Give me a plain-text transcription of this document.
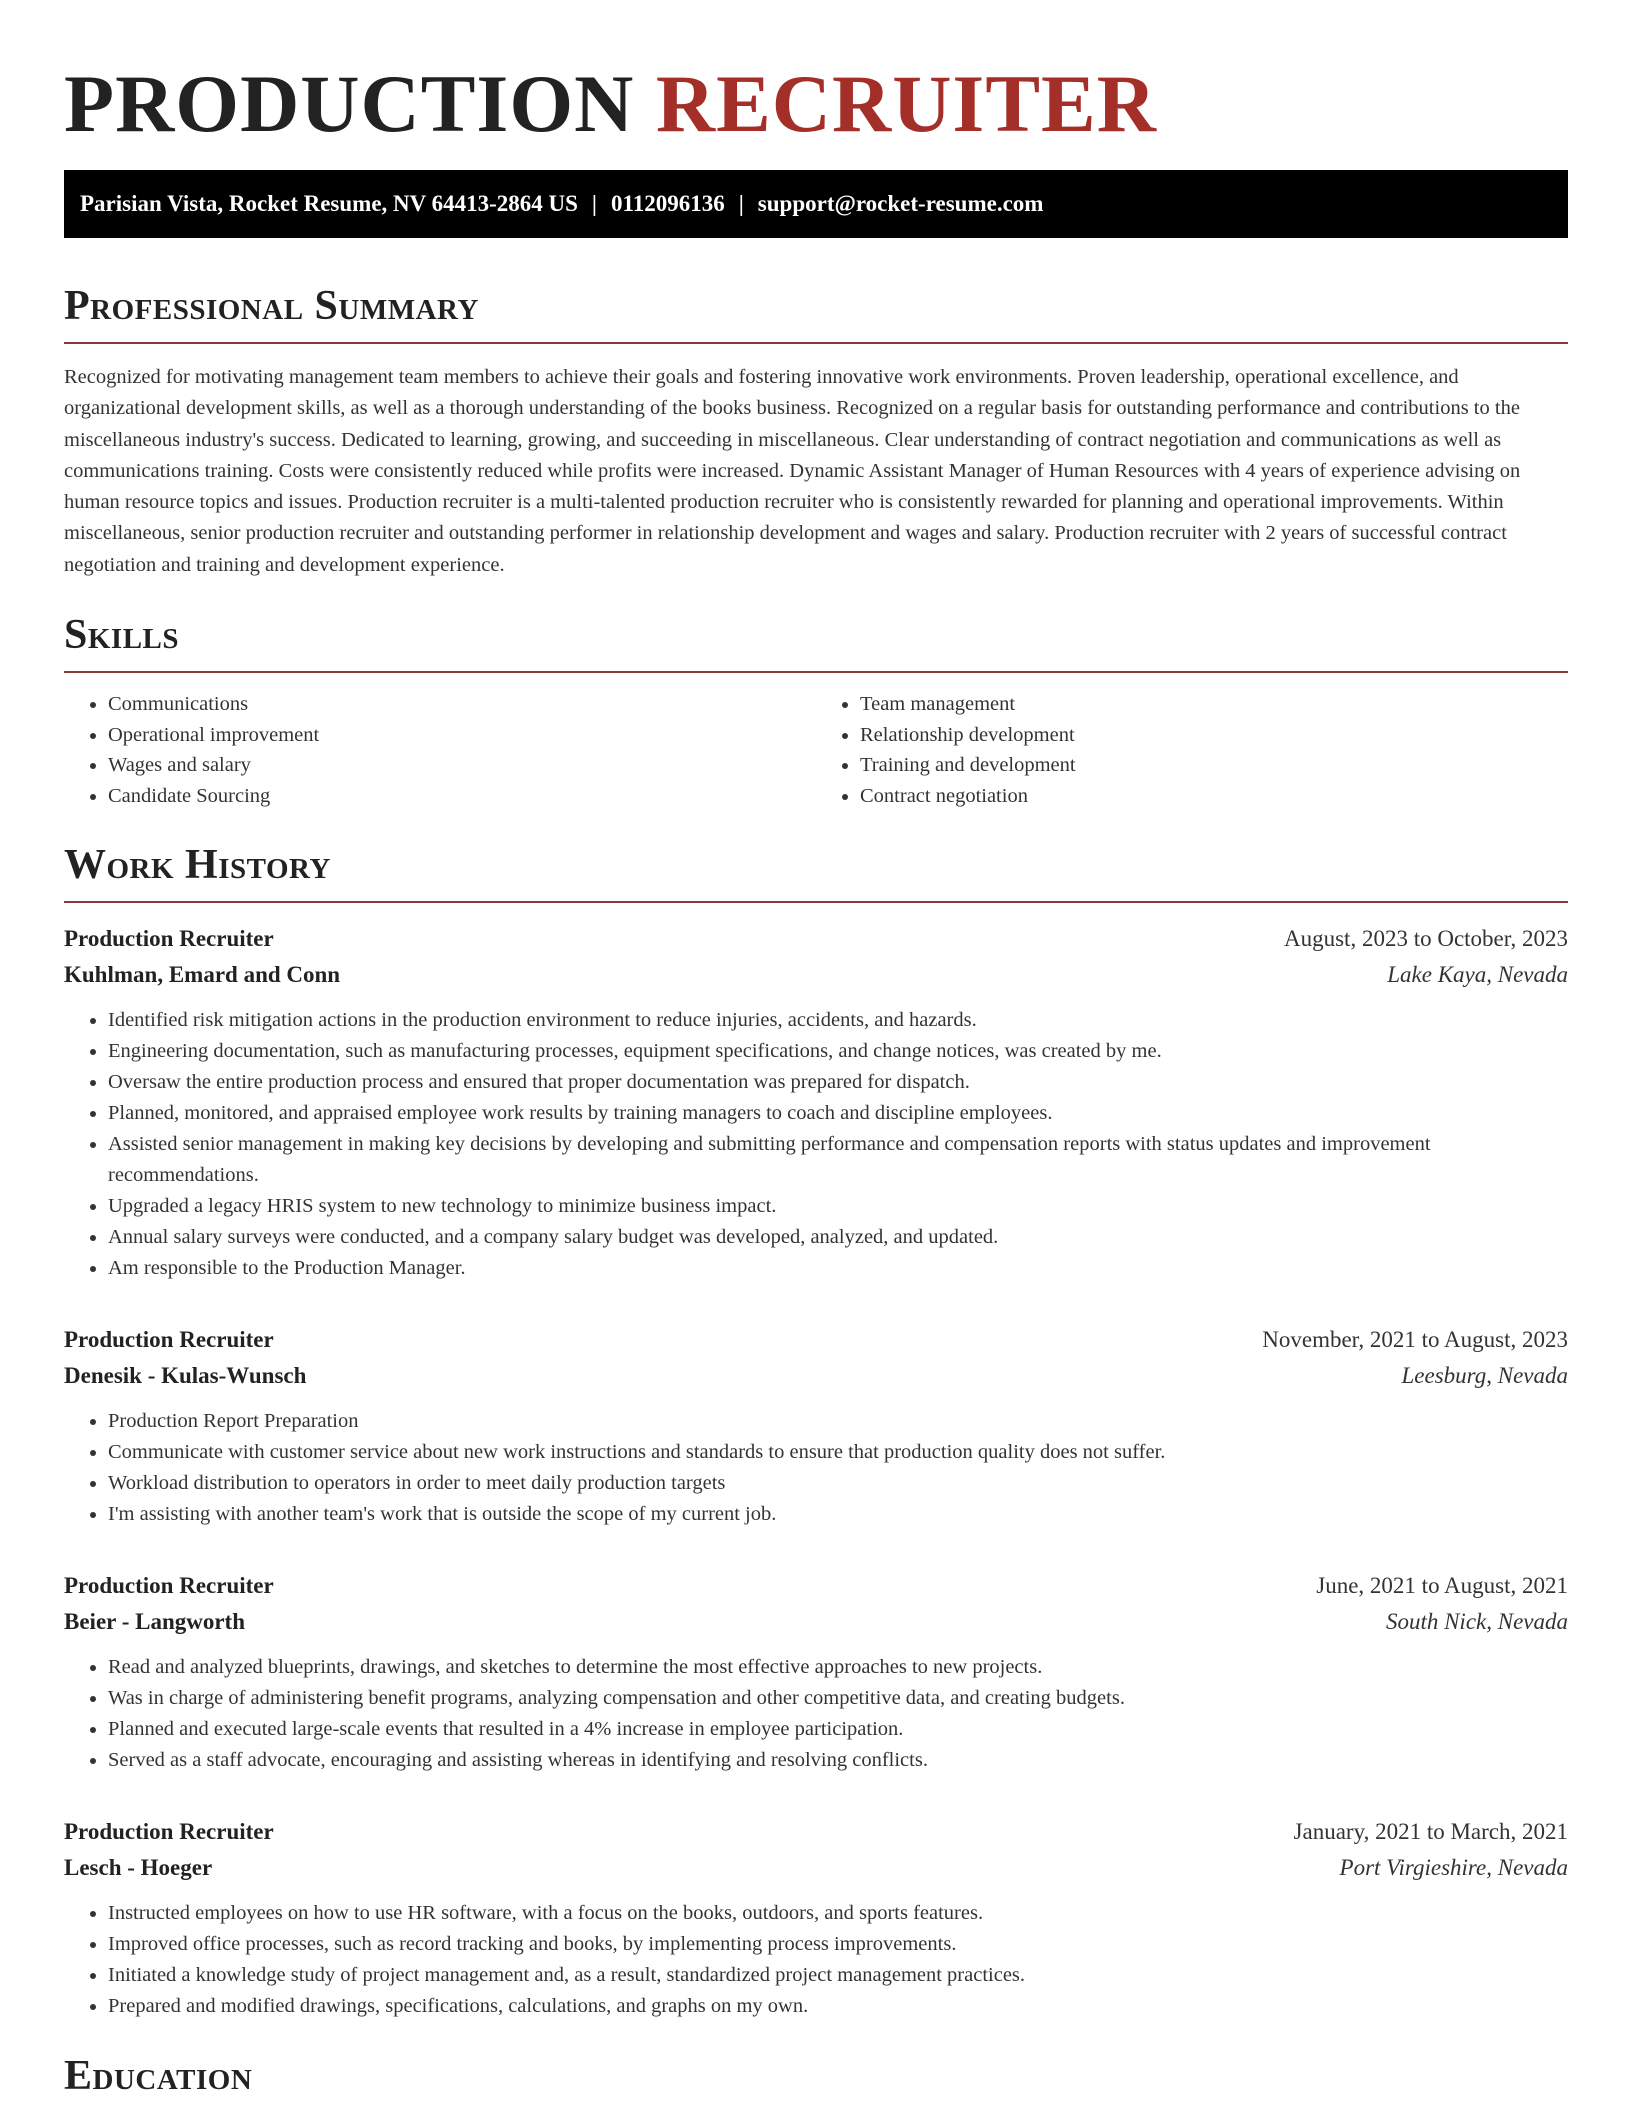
PRODUCTION RECRUITER
Parisian Vista, Rocket Resume, NV 64413-2864 US | 0112096136 | support@rocket-resume.com
Professional Summary

Recognized for motivating management team members to achieve their goals and fostering innovative work environments. Proven leadership, operational excellence, and organizational development skills, as well as a thorough understanding of the books business. Recognized on a regular basis for outstanding performance and contributions to the miscellaneous industry's success. Dedicated to learning, growing, and succeeding in miscellaneous. Clear understanding of contract negotiation and communications as well as communications training. Costs were consistently reduced while profits were increased. Dynamic Assistant Manager of Human Resources with 4 years of experience advising on human resource topics and issues. Production recruiter is a multi-talented production recruiter who is consistently rewarded for planning and operational improvements. Within miscellaneous, senior production recruiter and outstanding performer in relationship development and wages and salary. Production recruiter with 2 years of successful contract negotiation and training and development experience.

Skills
• Communications
• Operational improvement
• Wages and salary
• Candidate Sourcing
• Team management
• Relationship development
• Training and development
• Contract negotiation
Work History
Production Recruiter	August, 2023 to October, 2023
Kuhlman, Emard and Conn	Lake Kaya, Nevada
• Identified risk mitigation actions in the production environment to reduce injuries, accidents, and hazards.
• Engineering documentation, such as manufacturing processes, equipment specifications, and change notices, was created by me.
• Oversaw the entire production process and ensured that proper documentation was prepared for dispatch.
• Planned, monitored, and appraised employee work results by training managers to coach and discipline employees.
• Assisted senior management in making key decisions by developing and submitting performance and compensation reports with status updates and improvement recommendations.
• Upgraded a legacy HRIS system to new technology to minimize business impact.
• Annual salary surveys were conducted, and a company salary budget was developed, analyzed, and updated.
• Am responsible to the Production Manager.
Production Recruiter	November, 2021 to August, 2023
Denesik - Kulas-Wunsch	Leesburg, Nevada
• Production Report Preparation
• Communicate with customer service about new work instructions and standards to ensure that production quality does not suffer.
• Workload distribution to operators in order to meet daily production targets
• I'm assisting with another team's work that is outside the scope of my current job.
Production Recruiter	June, 2021 to August, 2021
Beier - Langworth	South Nick, Nevada
• Read and analyzed blueprints, drawings, and sketches to determine the most effective approaches to new projects.
• Was in charge of administering benefit programs, analyzing compensation and other competitive data, and creating budgets.
• Planned and executed large-scale events that resulted in a 4% increase in employee participation.
• Served as a staff advocate, encouraging and assisting whereas in identifying and resolving conflicts.
Production Recruiter	January, 2021 to March, 2021
Lesch - Hoeger	Port Virgieshire, Nevada
• Instructed employees on how to use HR software, with a focus on the books, outdoors, and sports features.
• Improved office processes, such as record tracking and books, by implementing process improvements.
• Initiated a knowledge study of project management and, as a result, standardized project management practices.
• Prepared and modified drawings, specifications, calculations, and graphs on my own.
Education
